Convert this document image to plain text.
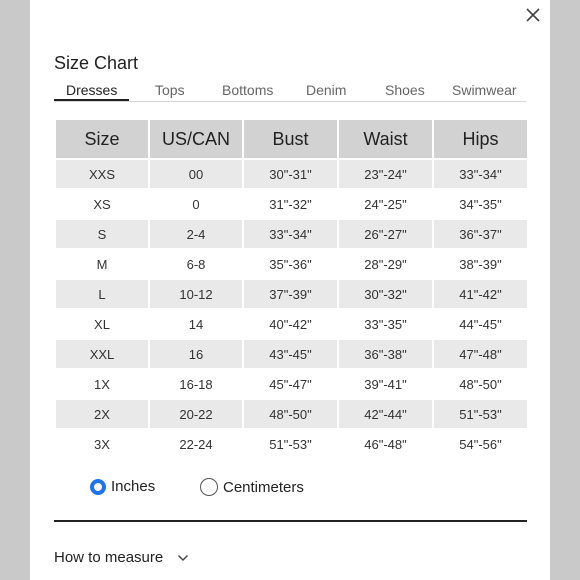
Size Chart
Dresses	Tops	Bottoms Denim	Shoes Swimwear
Size	US/CAN	Bust	Waist	Hips
XXS	00	30"-31"	23"-24"	33"-34"
XS	0	31"-32"	24"-25"	34"-35"
S	2-4	33"-34"	26"-27"	36"-37"
M	6-8	35"-36"	28"-29"	38"-39"
L	10-12	37"-39"	30"-32"	41"-42"
XL	14	40"-42"	33"-35"	44"-45"
XXL	16	43"-45"	36"-38"	47"-48"
1X	16-18	45"-47"	39"-41"	48"-50"
2X	20-22	48"-50"	42"-44"	51"-53"
3X	22-24	51"-53"	46"-48"	54"-56"
Inches	Centimeters
How to measure
